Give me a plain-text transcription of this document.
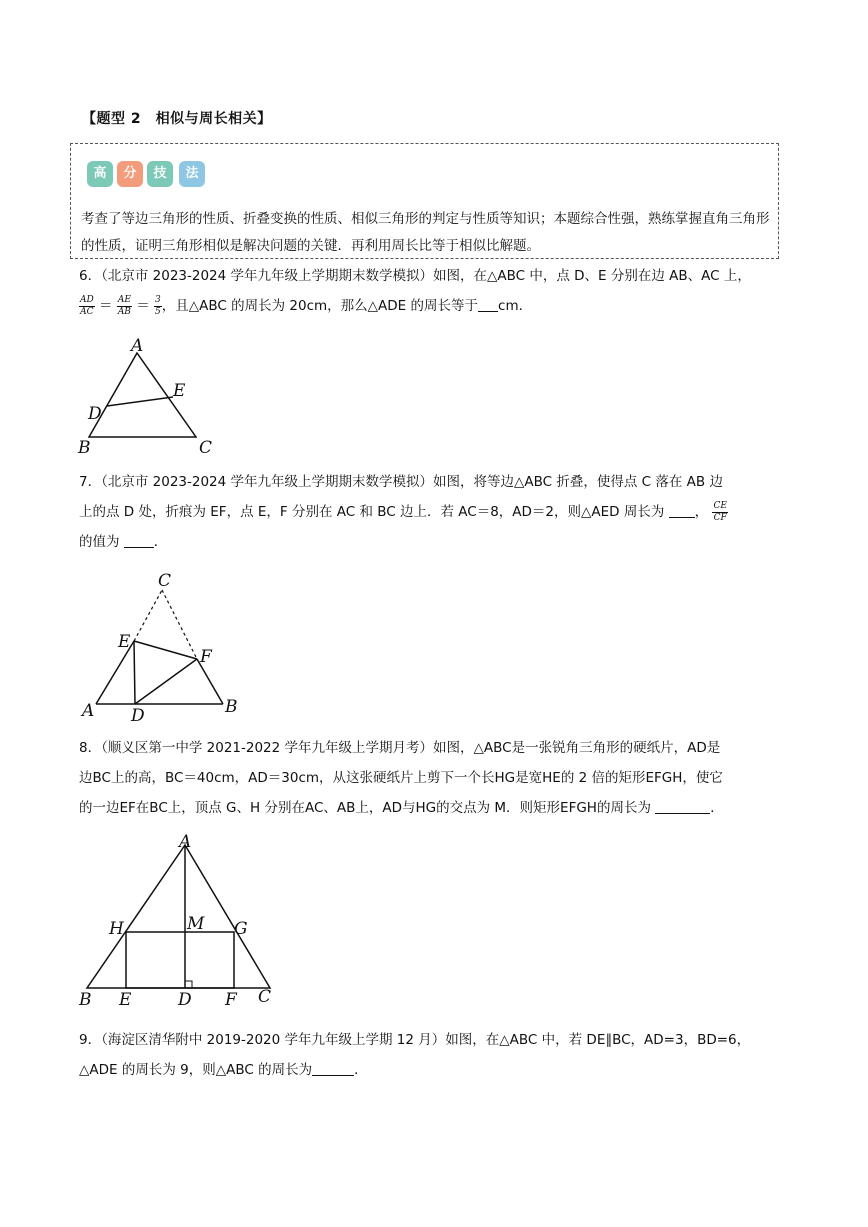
【题型 2　相似与周长相关】
高	分	技	法
考查了等边三角形的性质、折叠变换的性质、相似三角形的判定与性质等知识；本题综合性强，熟练掌握直角三角形的性质，证明三角形相似是解决问题的关键．再利用周长比等于相似比解题。
6．（北京市 2023-2024 学年九年级上学期期末数学模拟）如图，在△ABC 中，点 D、E 分别在边 AB、AC 上，
$\frac{AD}{AC} = \frac{AE}{AB} = \frac{3}{5}$ ，且△ABC 的周长为 20cm，那么△ADE 的周长等于 cm．
A
E
D
B	C
7．（北京市 2023-2024 学年九年级上学期期末数学模拟）如图，将等边△ABC 折叠，使得点 C 落在 AB 边
上的点 D 处，折痕为 EF，点 E，F 分别在 AC 和 BC 边上．若 AC＝8，AD＝2，则△AED 周长为 ， $\frac{CE}{CF}$
的值为	．
C
E
F
A D	B
8．（顺义区第一中学 2021-2022 学年九年级上学期月考）如图，△ABC是一张锐角三角形的硬纸片，AD是
边BC上的高，BC＝40cm，AD＝30cm，从这张硬纸片上剪下一个长HG是宽HE的 2 倍的矩形EFGH，使它
的一边EF在BC上，顶点 G、H 分别在AC、AB上，AD与HG的交点为 M．则矩形EFGH的周长为	．
A
H	M G
B E	D F C
9．（海淀区清华附中 2019-2020 学年九年级上学期 12 月）如图，在△ABC 中，若 DE∥BC，AD=3，BD=6，
△ADE 的周长为 9，则△ABC 的周长为	．
